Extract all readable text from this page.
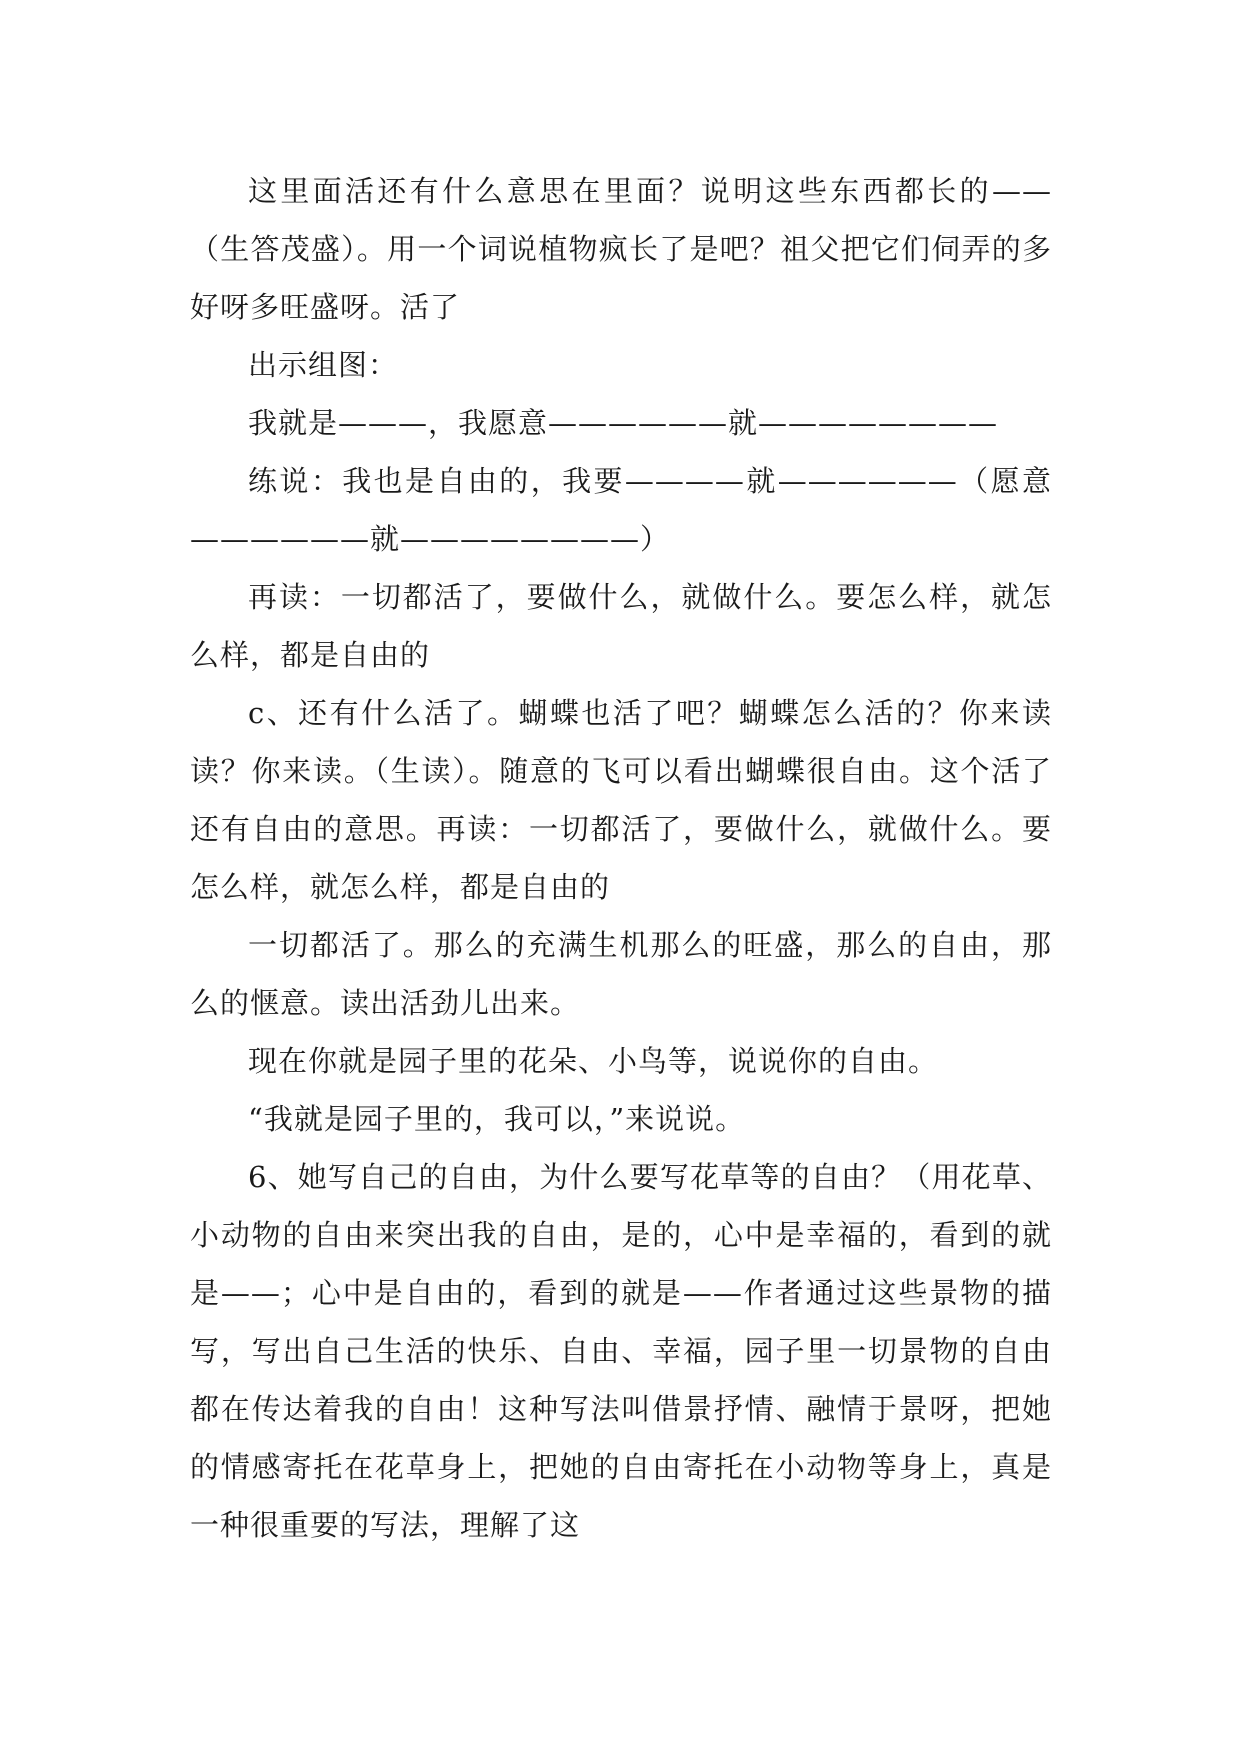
这里面活还有什么意思在里面？说明这些东西都长的——（生答茂盛）。用一个词说植物疯长了是吧？祖父把它们伺弄的多好呀多旺盛呀。活了

出示组图：

我就是———，我愿意——————就————————

练说：我也是自由的，我要————就——————（愿意——————就————————）

再读：一切都活了，要做什么，就做什么。要怎么样，就怎么样，都是自由的

c、还有什么活了。蝴蝶也活了吧？蝴蝶怎么活的？你来读读？你来读。（生读）。随意的飞可以看出蝴蝶很自由。这个活了还有自由的意思。再读：一切都活了，要做什么，就做什么。要怎么样，就怎么样，都是自由的

一切都活了。那么的充满生机那么的旺盛，那么的自由，那么的惬意。读出活劲儿出来。

现在你就是园子里的花朵、小鸟等，说说你的自由。

“我就是园子里的，我可以，”来说说。

6、她写自己的自由，为什么要写花草等的自由？（用花草、小动物的自由来突出我的自由，是的，心中是幸福的，看到的就是——；心中是自由的，看到的就是——作者通过这些景物的描写，写出自己生活的快乐、自由、幸福，园子里一切景物的自由都在传达着我的自由！这种写法叫借景抒情、融情于景呀，把她的情感寄托在花草身上，把她的自由寄托在小动物等身上，真是一种很重要的写法，理解了这
